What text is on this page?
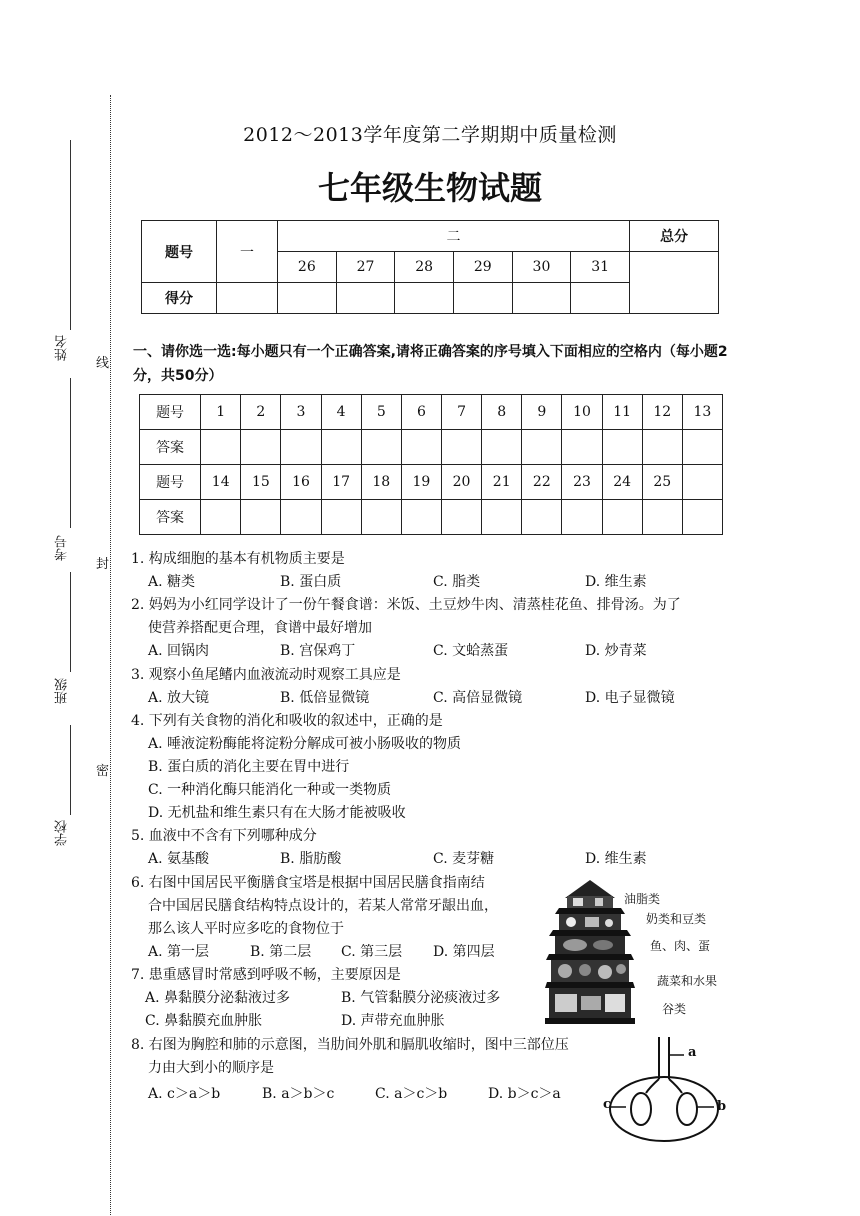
线
封
密
姓名
考号
班级
学校
2012～2013学年度第二学期期中质量检测
七年级生物试题
题号	一	二						总分
		26	27	28	29	30	31	
得分								
一、请你选一选:每小题只有一个正确答案,请将正确答案的序号填入下面相应的空格内（每小题2分，共50分）
题号	1	2	3	4	5	6	7	8	9	10	11	12	13
答案													
题号	14	15	16	17	18	19	20	21	22	23	24	25	
答案													
1. 构成细胞的基本有机物质主要是
A. 糖类	B. 蛋白质	C. 脂类	D. 维生素
2. 妈妈为小红同学设计了一份午餐食谱：米饭、土豆炒牛肉、清蒸桂花鱼、排骨汤。为了
使营养搭配更合理，食谱中最好增加
A. 回锅肉	B. 宫保鸡丁	C. 文蛤蒸蛋	D. 炒青菜
3. 观察小鱼尾鳍内血液流动时观察工具应是
A. 放大镜	B. 低倍显微镜	C. 高倍显微镜	D. 电子显微镜
4. 下列有关食物的消化和吸收的叙述中，正确的是
A. 唾液淀粉酶能将淀粉分解成可被小肠吸收的物质
B. 蛋白质的消化主要在胃中进行
C. 一种消化酶只能消化一种或一类物质
D. 无机盐和维生素只有在大肠才能被吸收
5. 血液中不含有下列哪种成分
A. 氨基酸	B. 脂肪酸	C. 麦芽糖	D. 维生素
6. 右图中国居民平衡膳食宝塔是根据中国居民膳食指南结
合中国居民膳食结构特点设计的，若某人常常牙龈出血，
那么该人平时应多吃的食物位于
A. 第一层	B. 第二层 C. 第三层 D. 第四层
7. 患重感冒时常感到呼吸不畅，主要原因是
A. 鼻黏膜分泌黏液过多	B. 气管黏膜分泌痰液过多
C. 鼻黏膜充血肿胀	D. 声带充血肿胀
8. 右图为胸腔和肺的示意图，当肋间外肌和膈肌收缩时，图中三部位压
力由大到小的顺序是
A. c＞a＞b	B. a＞b＞c	C. a＞c＞b	D. b＞c＞a
油脂类
奶类和豆类
鱼、肉、蛋
蔬菜和水果
谷类
a
c	b
